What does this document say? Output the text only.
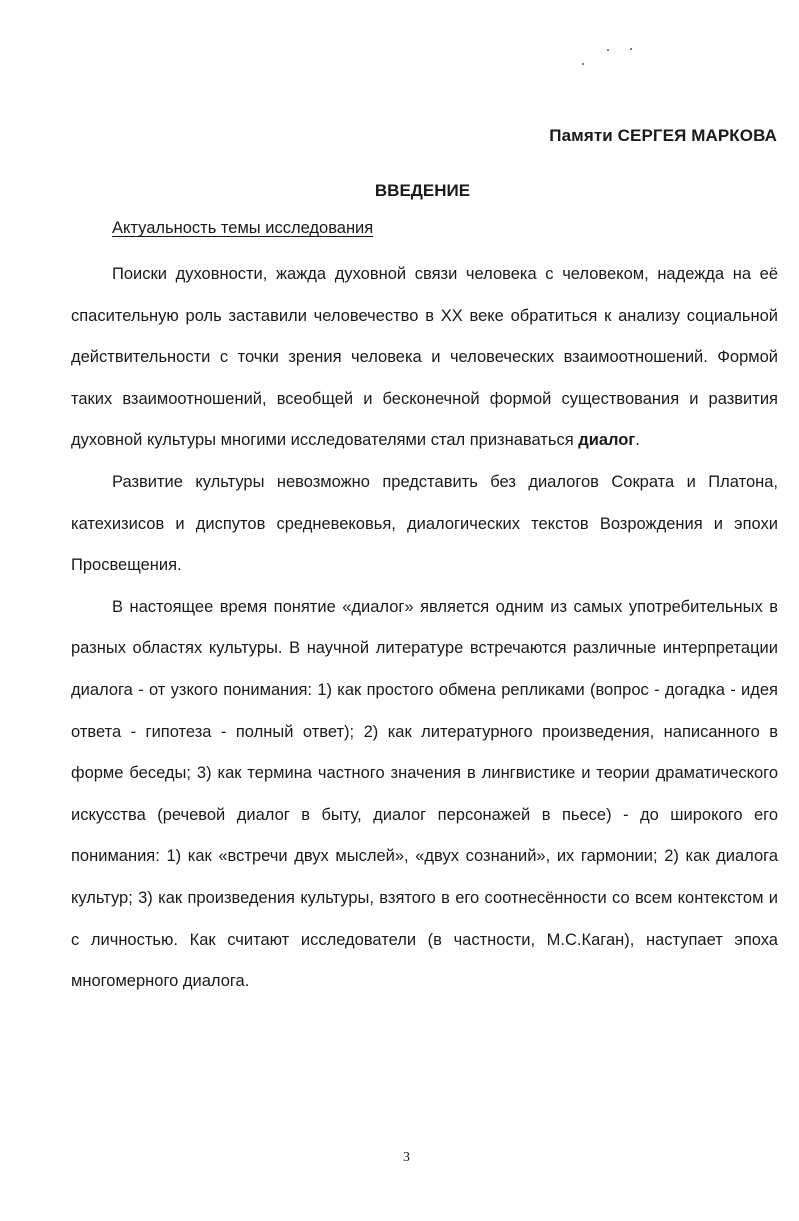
Памяти СЕРГЕЯ МАРКОВА
ВВЕДЕНИЕ
Актуальность темы исследования

Поиски духовности, жажда духовной связи человека с человеком, надежда на её спасительную роль заставили человечество в XX веке обратиться к анализу социальной действительности с точки зрения человека и человеческих взаимоотношений. Формой таких взаимоотношений, всеобщей и бесконечной формой существования и развития духовной культуры многими исследователями стал признаваться диалог.

Развитие культуры невозможно представить без диалогов Сократа и Платона, катехизисов и диспутов средневековья, диалогических текстов Возрождения и эпохи Просвещения.

В настоящее время понятие «диалог» является одним из самых употребительных в разных областях культуры. В научной литературе встречаются различные интерпретации диалога - от узкого понимания: 1) как простого обмена репликами (вопрос - догадка - идея ответа - гипотеза - полный ответ); 2) как литературного произведения, написанного в форме беседы; 3) как термина частного значения в лингвистике и теории драматического искусства (речевой диалог в быту, диалог персонажей в пьесе) - до широкого его понимания: 1) как «встречи двух мыслей», «двух сознаний», их гармонии; 2) как диалога культур; 3) как произведения культуры, взятого в его соотнесённости со всем контекстом и с личностью. Как считают исследователи (в частности, М.С.Каган), наступает эпоха многомерного диалога.

3
